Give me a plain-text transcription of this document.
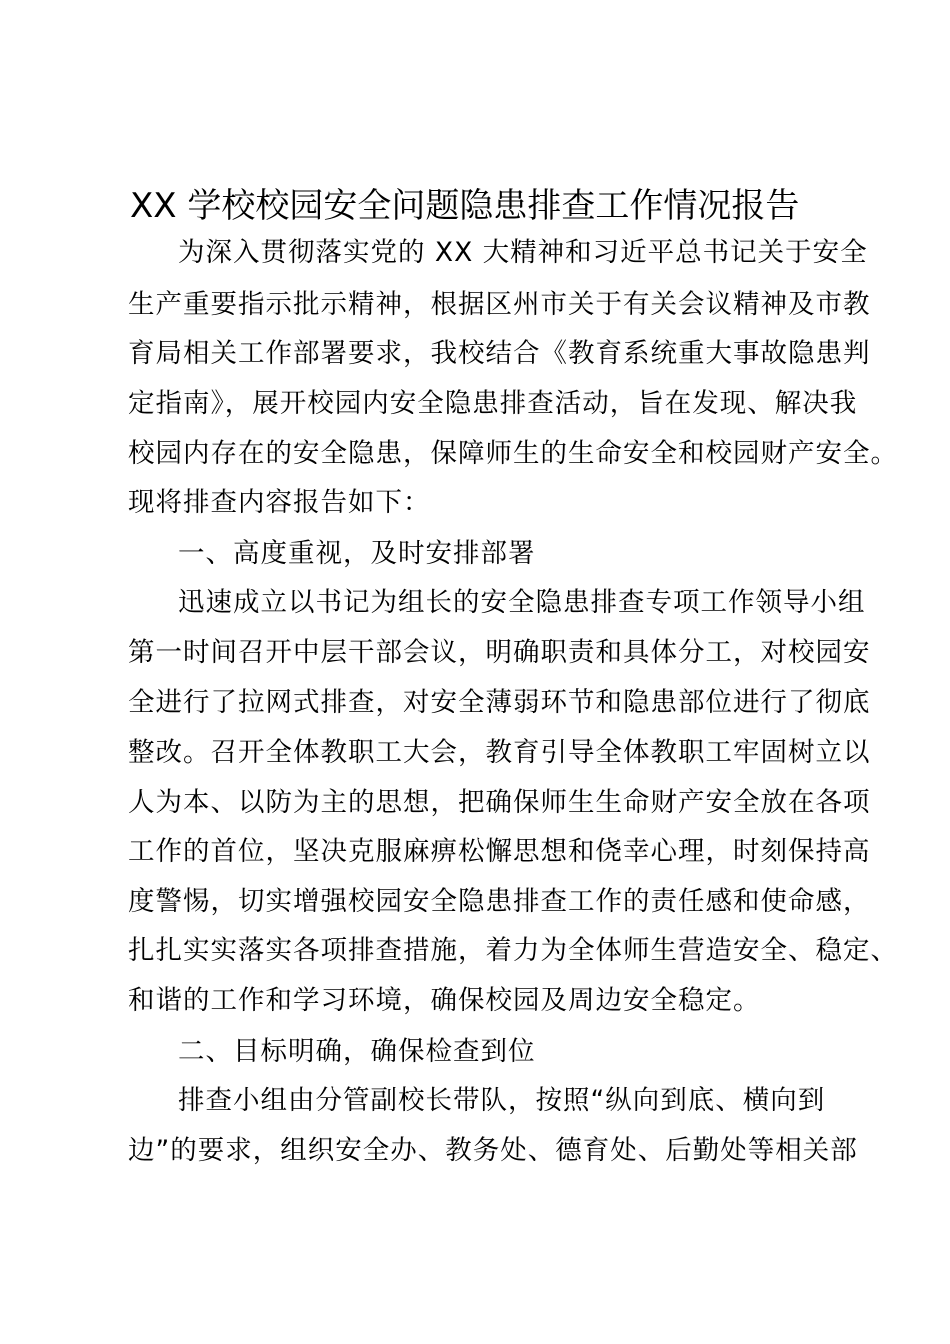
XX 学校校园安全问题隐患排查工作情况报告
为深入贯彻落实党的 XX 大精神和习近平总书记关于安全
生产重要指示批示精神，根据区州市关于有关会议精神及市教
育局相关工作部署要求，我校结合《教育系统重大事故隐患判
定指南》，展开校园内安全隐患排查活动，旨在发现、解决我
校园内存在的安全隐患，保障师生的生命安全和校园财产安全。
现将排查内容报告如下：
一、高度重视，及时安排部署
迅速成立以书记为组长的安全隐患排查专项工作领导小组
第一时间召开中层干部会议，明确职责和具体分工，对校园安
全进行了拉网式排查，对安全薄弱环节和隐患部位进行了彻底
整改。召开全体教职工大会，教育引导全体教职工牢固树立以
人为本、以防为主的思想，把确保师生生命财产安全放在各项
工作的首位，坚决克服麻痹松懈思想和侥幸心理，时刻保持高
度警惕，切实增强校园安全隐患排查工作的责任感和使命感，
扎扎实实落实各项排查措施，着力为全体师生营造安全、稳定、
和谐的工作和学习环境，确保校园及周边安全稳定。
二、目标明确，确保检查到位
排查小组由分管副校长带队，按照“纵向到底、横向到
边”的要求，组织安全办、教务处、德育处、后勤处等相关部
